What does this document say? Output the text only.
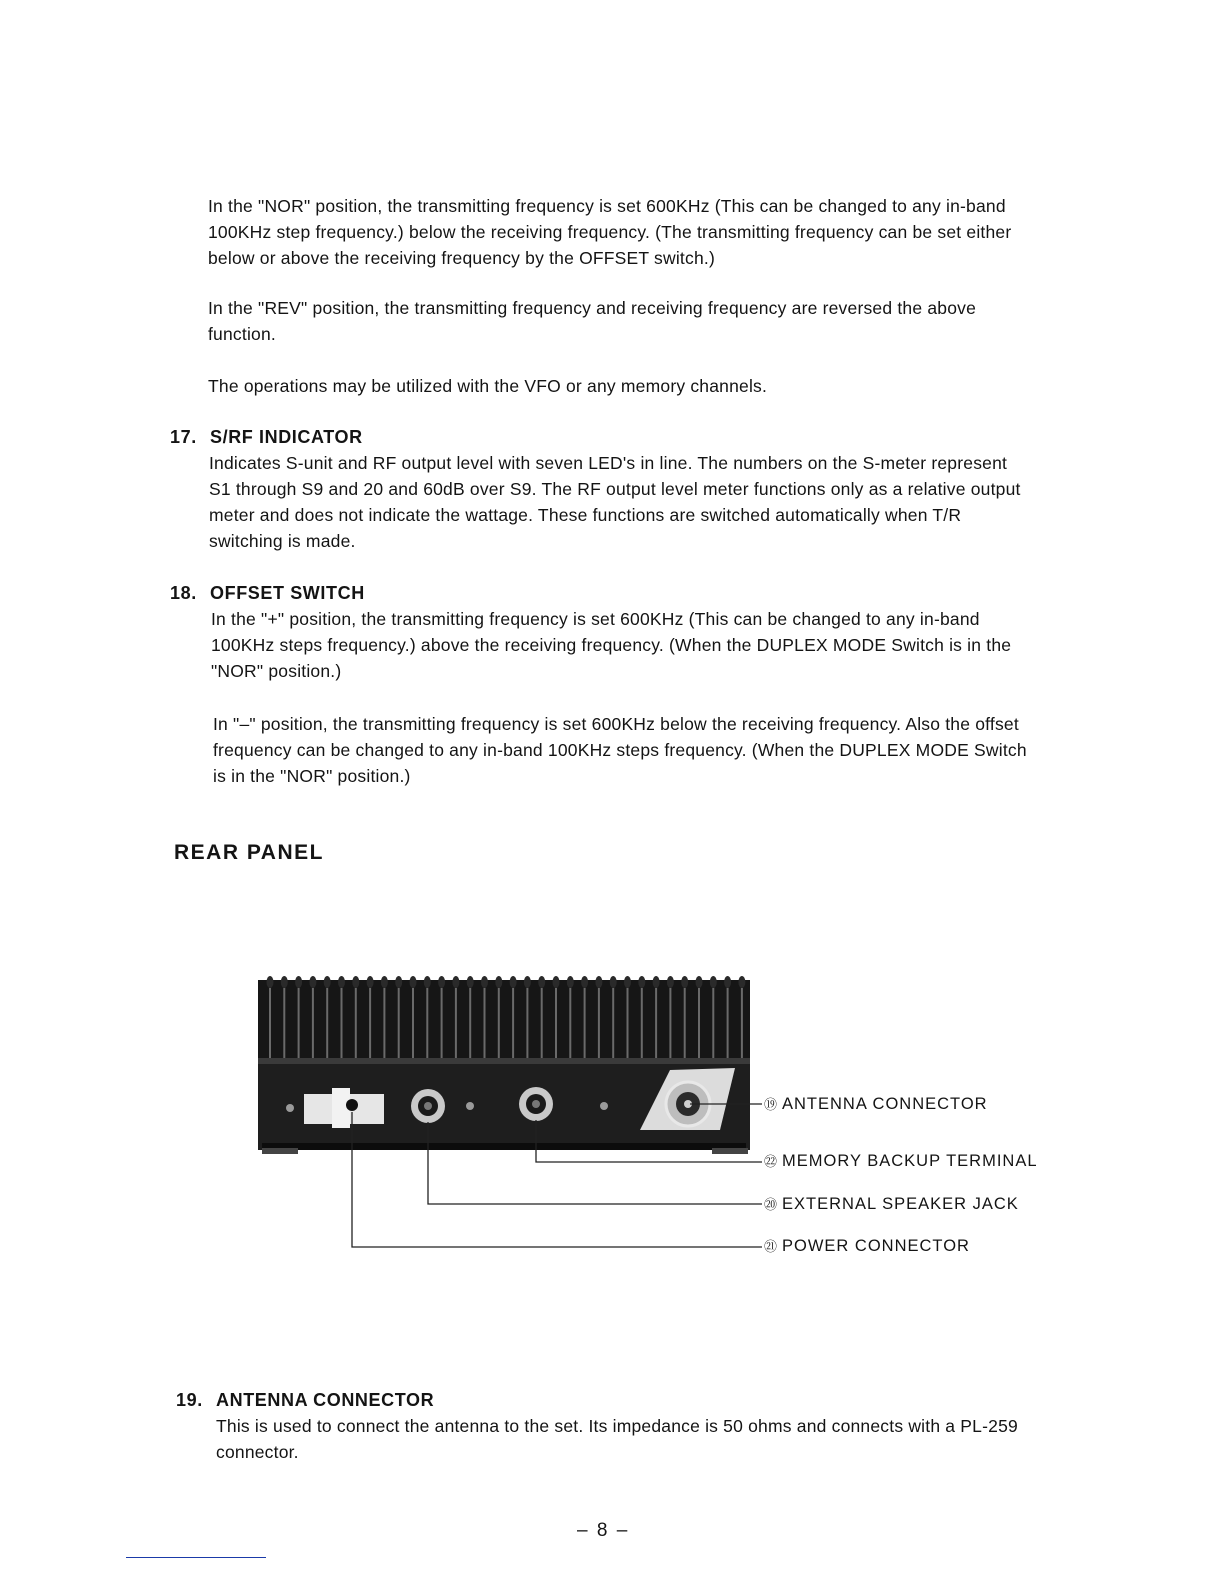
In the "NOR" position, the transmitting frequency is set 600KHz (This can be changed to any in-band 100KHz step frequency.) below the receiving frequency. (The transmitting frequency can be set either below or above the receiving frequency by the OFFSET switch.)

In the "REV" position, the transmitting frequency and receiving frequency are reversed the above function.

The operations may be utilized with the VFO or any memory channels.

17. S/RF INDICATOR

Indicates S-unit and RF output level with seven LED's in line. The numbers on the S-meter represent S1 through S9 and 20 and 60dB over S9. The RF output level meter functions only as a relative output meter and does not indicate the wattage. These functions are switched automatically when T/R switching is made.

18. OFFSET SWITCH

In the "+" position, the transmitting frequency is set 600KHz (This can be changed to any in-band 100KHz steps frequency.) above the receiving frequency. (When the DUPLEX MODE Switch is in the "NOR" position.)

In "–" position, the transmitting frequency is set 600KHz below the receiving frequency. Also the offset frequency can be changed to any in-band 100KHz steps frequency. (When the DUPLEX MODE Switch is in the "NOR" position.)

REAR PANEL
⑲ ANTENNA CONNECTOR
㉒ MEMORY BACKUP TERMINAL
⑳ EXTERNAL SPEAKER JACK
㉑ POWER CONNECTOR
19. ANTENNA CONNECTOR

This is used to connect the antenna to the set. Its impedance is 50 ohms and connects with a PL-259 connector.

– 8 –
